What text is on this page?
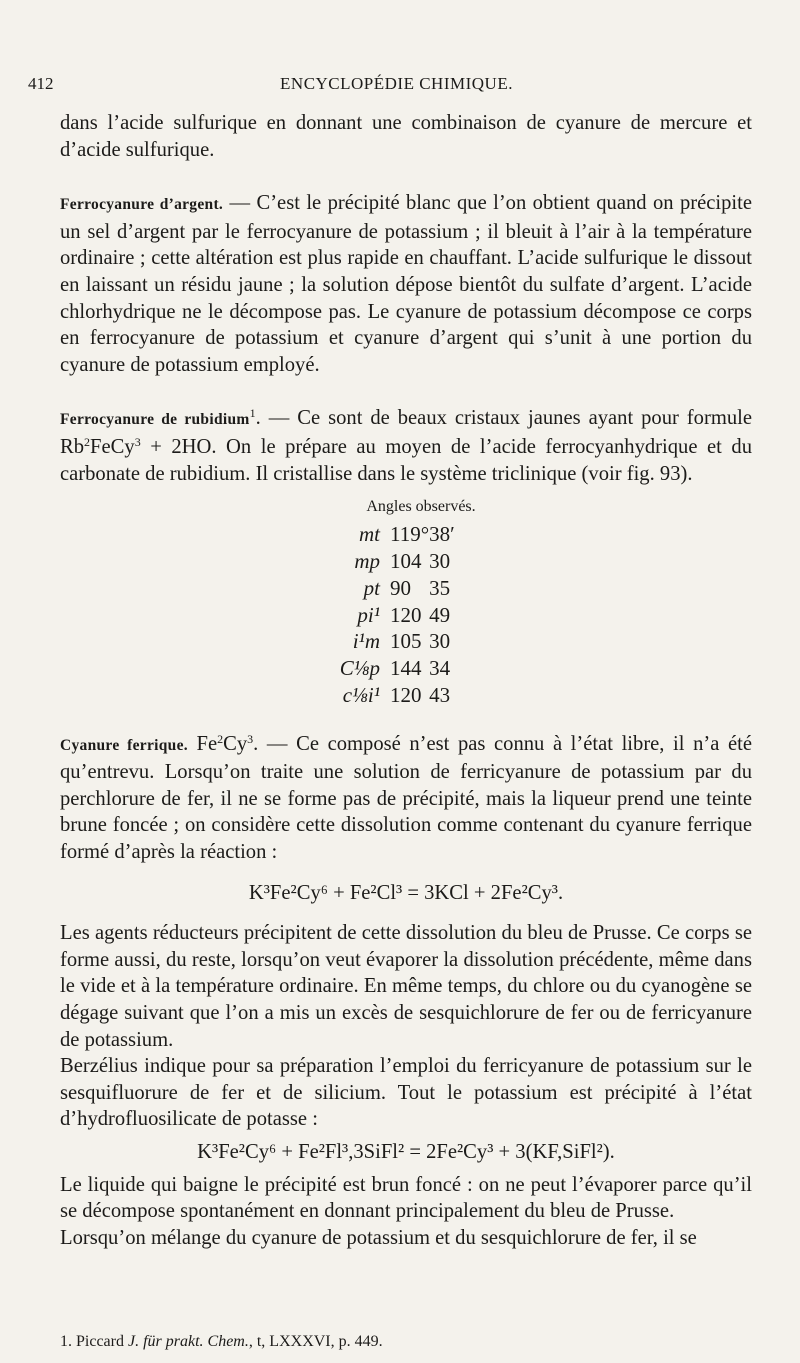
412	ENCYCLOPÉDIE CHIMIQUE.

dans l’acide sulfurique en donnant une combinaison de cyanure de mercure et d’acide sulfurique.

Ferrocyanure d’argent. — C’est le précipité blanc que l’on obtient quand on précipite un sel d’argent par le ferrocyanure de potassium ; il bleuit à l’air à la température ordinaire ; cette altération est plus rapide en chauffant. L’acide sulfurique le dissout en laissant un résidu jaune ; la solution dépose bientôt du sulfate d’argent. L’acide chlorhydrique ne le décompose pas. Le cyanure de potassium décompose ce corps en ferrocyanure de potassium et cyanure d’argent qui s’unit à une portion du cyanure de potassium employé.

Ferrocyanure de rubidium$^1$. — Ce sont de beaux cristaux jaunes ayant pour formule $Rb^2FeCy^3 + 2HO$. On le prépare au moyen de l’acide ferrocyanhydrique et du carbonate de rubidium. Il cristallise dans le système triclinique (voir fig. 93).

Angles observés.
mt	119°	38′
mp	104	30
pt	90	35
pi¹	120	49
i¹m	105	30
C⅛p	144	34
c⅛i¹	120	43

Cyanure ferrique. Fe$^2$Cy$^3$. — Ce composé n’est pas connu à l’état libre, il n’a été qu’entrevu. Lorsqu’on traite une solution de ferricyanure de potassium par du perchlorure de fer, il ne se forme pas de précipité, mais la liqueur prend une teinte brune foncée ; on considère cette dissolution comme contenant du cyanure ferrique formé d’après la réaction :

K³Fe²Cy⁶ + Fe²Cl³ = 3KCl + 2Fe²Cy³.

Les agents réducteurs précipitent de cette dissolution du bleu de Prusse. Ce corps se forme aussi, du reste, lorsqu’on veut évaporer la dissolution précédente, même dans le vide et à la température ordinaire. En même temps, du chlore ou du cyanogène se dégage suivant que l’on a mis un excès de sesquichlorure de fer ou de ferricyanure de potassium.

Berzélius indique pour sa préparation l’emploi du ferricyanure de potassium sur le sesquifluorure de fer et de silicium. Tout le potassium est précipité à l’état d’hydrofluosilicate de potasse :

K³Fe²Cy⁶ + Fe²Fl³,3SiFl² = 2Fe²Cy³ + 3(KF,SiFl²).

Le liquide qui baigne le précipité est brun foncé : on ne peut l’évaporer parce qu’il se décompose spontanément en donnant principalement du bleu de Prusse.

Lorsqu’on mélange du cyanure de potassium et du sesquichlorure de fer, il se

1. Piccard J. für prakt. Chem., t, LXXXVI, p. 449.
